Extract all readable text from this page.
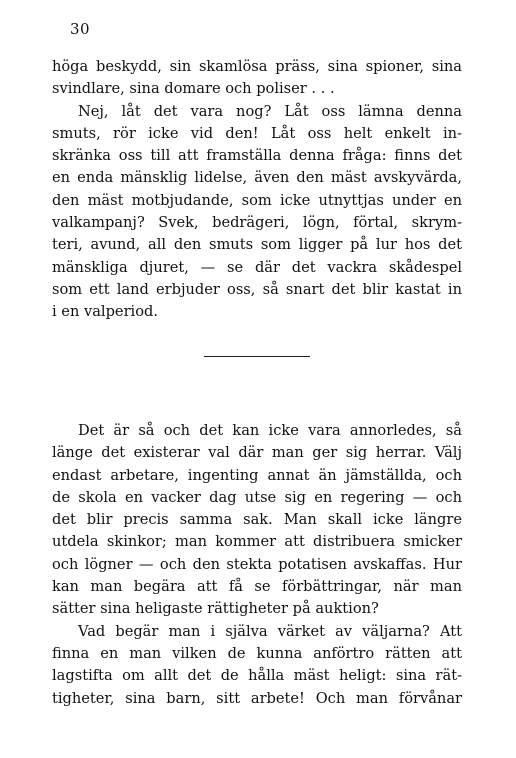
30
höga beskydd, sin skamlösa präss, sina spioner, sina
svindlare, sina domare och poliser . . .
Nej, låt det vara nog? Låt oss lämna denna
smuts, rör icke vid den! Låt oss helt enkelt in-
skränka oss till att framställa denna fråga: finns det
en enda mänsklig lidelse, även den mäst avskyvärda,
den mäst motbjudande, som icke utnyttjas under en
valkampanj? Svek, bedrägeri, lögn, förtal, skrym-
teri, avund, all den smuts som ligger på lur hos det
mänskliga djuret, — se där det vackra skådespel
som ett land erbjuder oss, så snart det blir kastat in
i en valperiod.
Det är så och det kan icke vara annorledes, så
länge det existerar val där man ger sig herrar. Välj
endast arbetare, ingenting annat än jämställda, och
de skola en vacker dag utse sig en regering — och
det blir precis samma sak. Man skall icke längre
utdela skinkor; man kommer att distribuera smicker
och lögner — och den stekta potatisen avskaffas. Hur
kan man begära att få se förbättringar, när man
sätter sina heligaste rättigheter på auktion?
Vad begär man i själva värket av väljarna? Att
finna en man vilken de kunna anförtro rätten att
lagstifta om allt det de hålla mäst heligt: sina rät-
tigheter, sina barn, sitt arbete! Och man förvånar
